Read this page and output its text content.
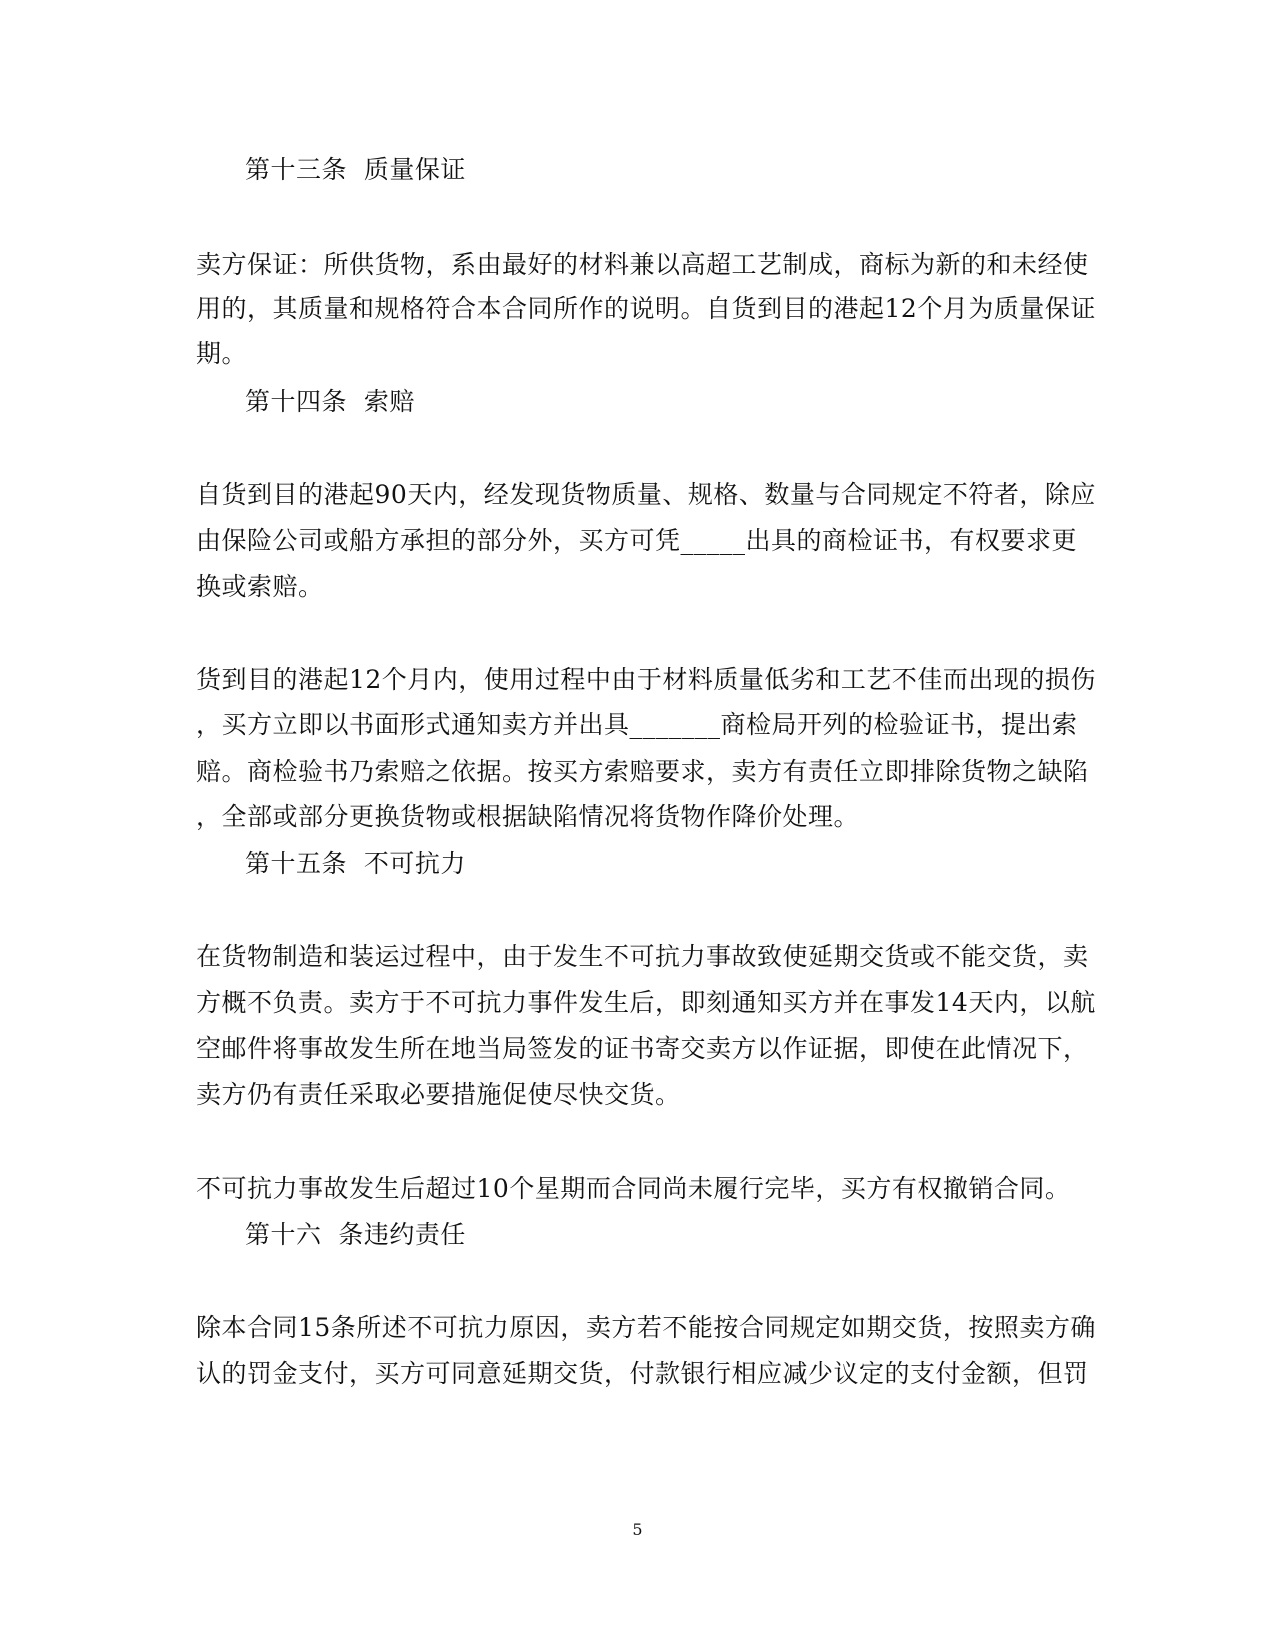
第十三条  质量保证
卖方保证：所供货物，系由最好的材料兼以高超工艺制成，商标为新的和未经使
用的，其质量和规格符合本合同所作的说明。自货到目的港起12个月为质量保证
期。
第十四条  索赔
自货到目的港起90天内，经发现货物质量、规格、数量与合同规定不符者，除应
由保险公司或船方承担的部分外，买方可凭_____出具的商检证书，有权要求更
换或索赔。
货到目的港起12个月内，使用过程中由于材料质量低劣和工艺不佳而出现的损伤
，买方立即以书面形式通知卖方并出具_______商检局开列的检验证书，提出索
赔。商检验书乃索赔之依据。按买方索赔要求，卖方有责任立即排除货物之缺陷
，全部或部分更换货物或根据缺陷情况将货物作降价处理。
第十五条  不可抗力
在货物制造和装运过程中，由于发生不可抗力事故致使延期交货或不能交货，卖
方概不负责。卖方于不可抗力事件发生后，即刻通知买方并在事发14天内，以航
空邮件将事故发生所在地当局签发的证书寄交卖方以作证据，即使在此情况下，
卖方仍有责任采取必要措施促使尽快交货。
不可抗力事故发生后超过10个星期而合同尚未履行完毕，买方有权撤销合同。
第十六  条违约责任
除本合同15条所述不可抗力原因，卖方若不能按合同规定如期交货，按照卖方确
认的罚金支付，买方可同意延期交货，付款银行相应减少议定的支付金额，但罚
5
